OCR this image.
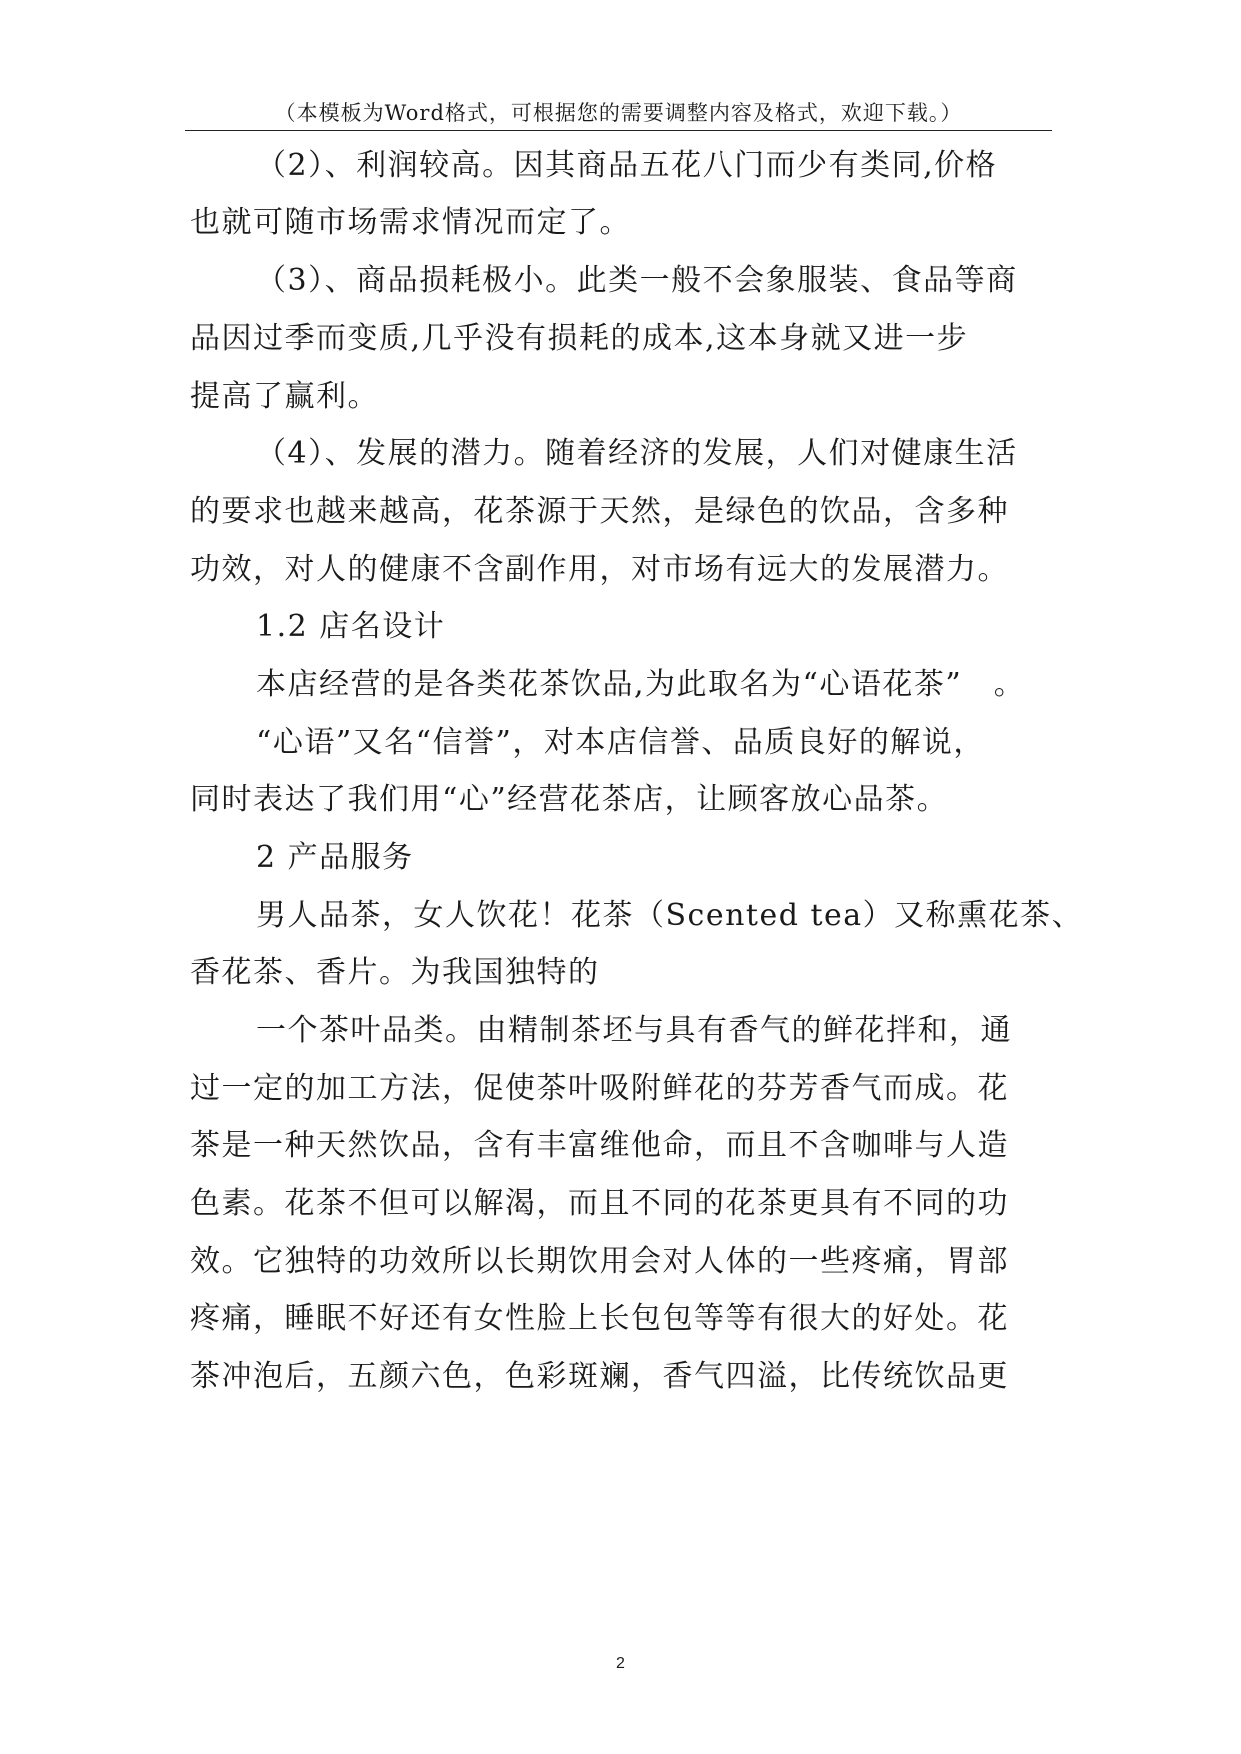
（本模板为Word格式，可根据您的需要调整内容及格式，欢迎下载。）
（2）、利润较高。因其商品五花八门而少有类同,价格
也就可随市场需求情况而定了。
（3）、商品损耗极小。此类一般不会象服装、食品等商
品因过季而变质,几乎没有损耗的成本,这本身就又进一步
提高了赢利。
（4）、发展的潜力。随着经济的发展，人们对健康生活
的要求也越来越高，花茶源于天然，是绿色的饮品，含多种
功效，对人的健康不含副作用，对市场有远大的发展潜力。
1.2 店名设计
本店经营的是各类花茶饮品,为此取名为“心语花茶”　。
“心语”又名“信誉”，对本店信誉、品质良好的解说，
同时表达了我们用“心”经营花茶店，让顾客放心品茶。
2 产品服务
男人品茶，女人饮花！花茶（Scented tea）又称熏花茶、
香花茶、香片。为我国独特的
一个茶叶品类。由精制茶坯与具有香气的鲜花拌和，通
过一定的加工方法，促使茶叶吸附鲜花的芬芳香气而成。花
茶是一种天然饮品，含有丰富维他命，而且不含咖啡与人造
色素。花茶不但可以解渴，而且不同的花茶更具有不同的功
效。它独特的功效所以长期饮用会对人体的一些疼痛，胃部
疼痛，睡眠不好还有女性脸上长包包等等有很大的好处。花
茶冲泡后，五颜六色，色彩斑斓，香气四溢，比传统饮品更
2
